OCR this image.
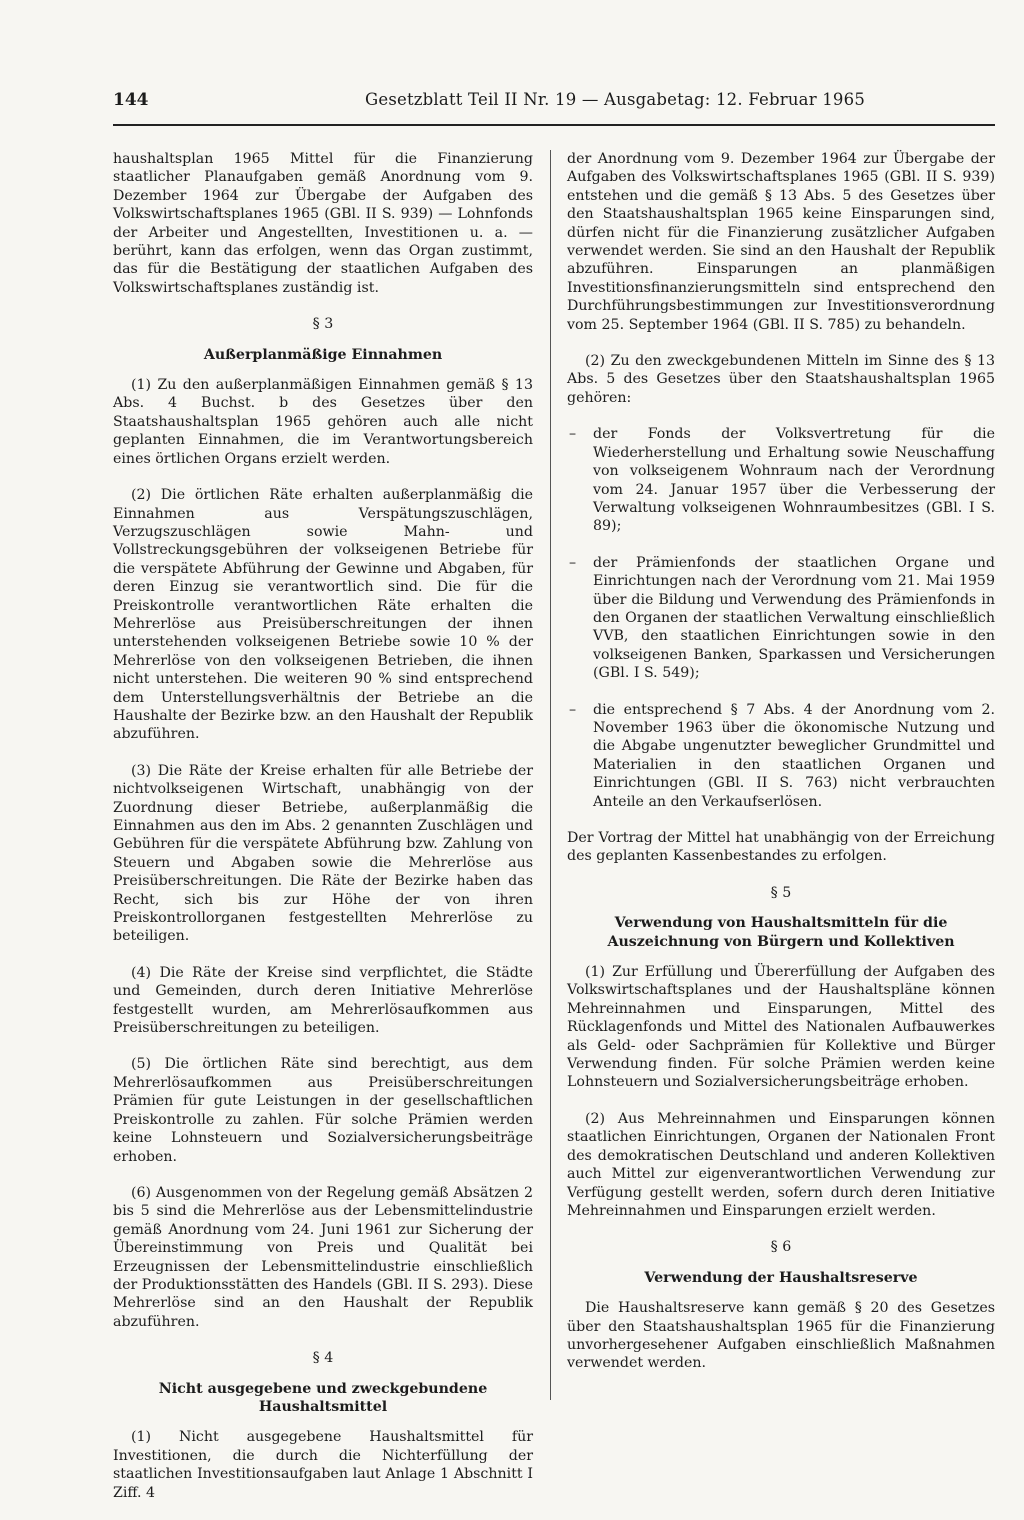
144	Gesetzblatt Teil II Nr. 19 — Ausgabetag: 12. Februar 1965

haushaltsplan 1965 Mittel für die Finanzierung staatlicher Planaufgaben gemäß Anordnung vom 9. Dezember 1964 zur Übergabe der Aufgaben des Volkswirtschaftsplanes 1965 (GBl. II S. 939) — Lohnfonds der Arbeiter und Angestellten, Investitionen u. a. — berührt, kann das erfolgen, wenn das Organ zustimmt, das für die Bestätigung der staatlichen Aufgaben des Volkswirtschaftsplanes zuständig ist.

§ 3

Außerplanmäßige Einnahmen

(1) Zu den außerplanmäßigen Einnahmen gemäß § 13 Abs. 4 Buchst. b des Gesetzes über den Staatshaushaltsplan 1965 gehören auch alle nicht geplanten Einnahmen, die im Verantwortungsbereich eines örtlichen Organs erzielt werden.

(2) Die örtlichen Räte erhalten außerplanmäßig die Einnahmen aus Verspätungszuschlägen, Verzugszuschlägen sowie Mahn- und Vollstreckungsgebühren der volkseigenen Betriebe für die verspätete Abführung der Gewinne und Abgaben, für deren Einzug sie verantwortlich sind. Die für die Preiskontrolle verantwortlichen Räte erhalten die Mehrerlöse aus Preisüberschreitungen der ihnen unterstehenden volkseigenen Betriebe sowie 10 % der Mehrerlöse von den volkseigenen Betrieben, die ihnen nicht unterstehen. Die weiteren 90 % sind entsprechend dem Unterstellungsverhältnis der Betriebe an die Haushalte der Bezirke bzw. an den Haushalt der Republik abzuführen.

(3) Die Räte der Kreise erhalten für alle Betriebe der nichtvolkseigenen Wirtschaft, unabhängig von der Zuordnung dieser Betriebe, außerplanmäßig die Einnahmen aus den im Abs. 2 genannten Zuschlägen und Gebühren für die verspätete Abführung bzw. Zahlung von Steuern und Abgaben sowie die Mehrerlöse aus Preisüberschreitungen. Die Räte der Bezirke haben das Recht, sich bis zur Höhe der von ihren Preiskontrollorganen festgestellten Mehrerlöse zu beteiligen.

(4) Die Räte der Kreise sind verpflichtet, die Städte und Gemeinden, durch deren Initiative Mehrerlöse festgestellt wurden, am Mehrerlösaufkommen aus Preisüberschreitungen zu beteiligen.

(5) Die örtlichen Räte sind berechtigt, aus dem Mehrerlösaufkommen aus Preisüberschreitungen Prämien für gute Leistungen in der gesellschaftlichen Preiskontrolle zu zahlen. Für solche Prämien werden keine Lohnsteuern und Sozialversicherungsbeiträge erhoben.

(6) Ausgenommen von der Regelung gemäß Absätzen 2 bis 5 sind die Mehrerlöse aus der Lebensmittelindustrie gemäß Anordnung vom 24. Juni 1961 zur Sicherung der Übereinstimmung von Preis und Qualität bei Erzeugnissen der Lebensmittelindustrie einschließlich der Produktionsstätten des Handels (GBl. II S. 293). Diese Mehrerlöse sind an den Haushalt der Republik abzuführen.

§ 4

Nicht ausgegebene und zweckgebundene
Haushaltsmittel

(1) Nicht ausgegebene Haushaltsmittel für Investitionen, die durch die Nichterfüllung der staatlichen Investitionsaufgaben laut Anlage 1 Abschnitt I Ziff. 4

der Anordnung vom 9. Dezember 1964 zur Übergabe der Aufgaben des Volkswirtschaftsplanes 1965 (GBl. II S. 939) entstehen und die gemäß § 13 Abs. 5 des Gesetzes über den Staatshaushaltsplan 1965 keine Einsparungen sind, dürfen nicht für die Finanzierung zusätzlicher Aufgaben verwendet werden. Sie sind an den Haushalt der Republik abzuführen. Einsparungen an planmäßigen Investitionsfinanzierungsmitteln sind entsprechend den Durchführungsbestimmungen zur Investitionsverordnung vom 25. September 1964 (GBl. II S. 785) zu behandeln.

(2) Zu den zweckgebundenen Mitteln im Sinne des § 13 Abs. 5 des Gesetzes über den Staatshaushaltsplan 1965 gehören:

– der Fonds der Volksvertretung für die Wiederherstellung und Erhaltung sowie Neuschaffung von volkseigenem Wohnraum nach der Verordnung vom 24. Januar 1957 über die Verbesserung der Verwaltung volkseigenen Wohnraumbesitzes (GBl. I S. 89);

– der Prämienfonds der staatlichen Organe und Einrichtungen nach der Verordnung vom 21. Mai 1959 über die Bildung und Verwendung des Prämienfonds in den Organen der staatlichen Verwaltung einschließlich VVB, den staatlichen Einrichtungen sowie in den volkseigenen Banken, Sparkassen und Versicherungen (GBl. I S. 549);

– die entsprechend § 7 Abs. 4 der Anordnung vom 2. November 1963 über die ökonomische Nutzung und die Abgabe ungenutzter beweglicher Grundmittel und Materialien in den staatlichen Organen und Einrichtungen (GBl. II S. 763) nicht verbrauchten Anteile an den Verkaufserlösen.

Der Vortrag der Mittel hat unabhängig von der Erreichung des geplanten Kassenbestandes zu erfolgen.

§ 5

Verwendung von Haushaltsmitteln für die
Auszeichnung von Bürgern und Kollektiven

(1) Zur Erfüllung und Übererfüllung der Aufgaben des Volkswirtschaftsplanes und der Haushaltspläne können Mehreinnahmen und Einsparungen, Mittel des Rücklagenfonds und Mittel des Nationalen Aufbauwerkes als Geld- oder Sachprämien für Kollektive und Bürger Verwendung finden. Für solche Prämien werden keine Lohnsteuern und Sozialversicherungsbeiträge erhoben.

(2) Aus Mehreinnahmen und Einsparungen können staatlichen Einrichtungen, Organen der Nationalen Front des demokratischen Deutschland und anderen Kollektiven auch Mittel zur eigenverantwortlichen Verwendung zur Verfügung gestellt werden, sofern durch deren Initiative Mehreinnahmen und Einsparungen erzielt werden.

§ 6

Verwendung der Haushaltsreserve

Die Haushaltsreserve kann gemäß § 20 des Gesetzes über den Staatshaushaltsplan 1965 für die Finanzierung unvorhergesehener Aufgaben einschließlich Maßnahmen verwendet werden.
